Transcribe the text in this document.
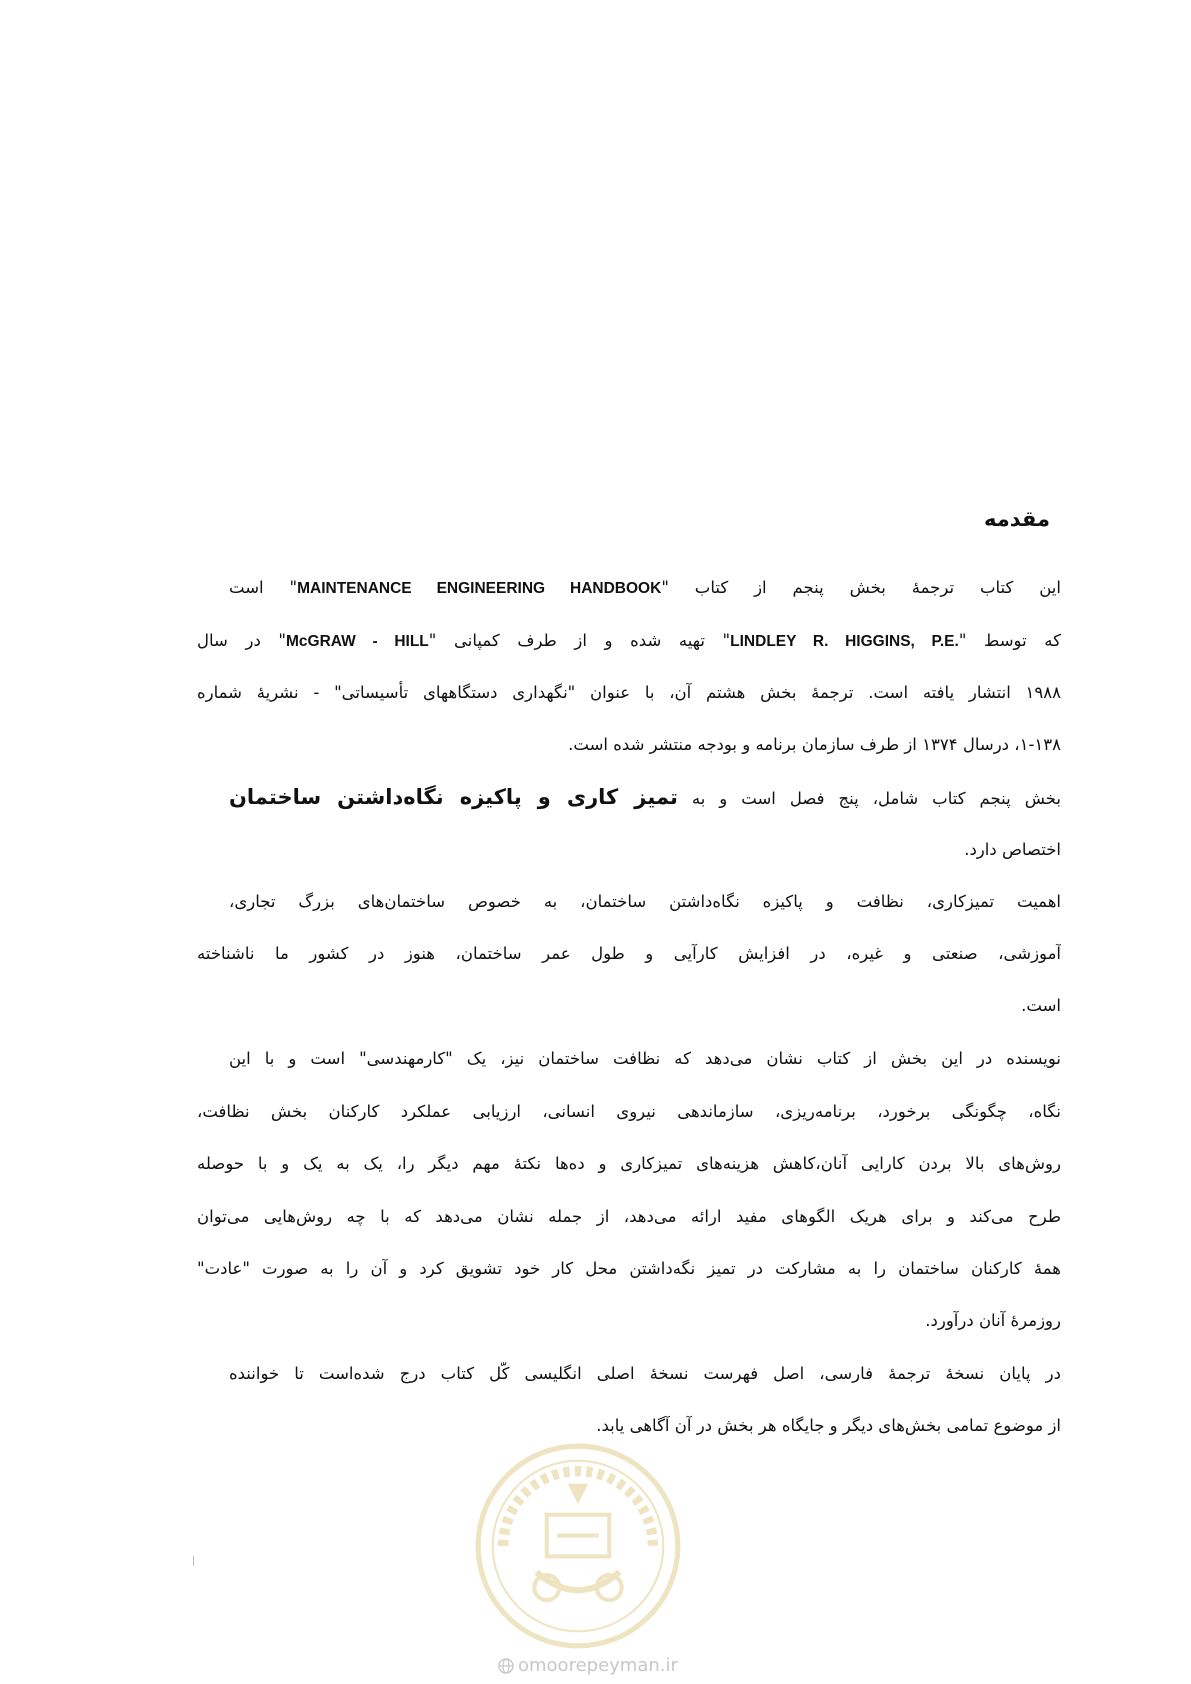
مقدمه

این کتاب ترجمهٔ بخش پنجم از کتاب "MAINTENANCE ENGINEERING HANDBOOK" است

که توسط "LINDLEY R. HIGGINS, P.E." تهیه شده و از طرف کمپانی "McGRAW - HILL" در سال

۱۹۸۸ انتشار یافته است. ترجمهٔ بخش هشتم آن، با عنوان "نگهداری دستگاههای تأسیساتی" - نشریهٔ شماره

۱-۱۳۸، درسال ۱۳۷۴ از طرف سازمان برنامه و بودجه منتشر شده است.

بخش پنجم کتاب شامل، پنج فصل است و به تمیز کاری و پاکیزه نگاه‌داشتن ساختمان

اختصاص دارد.

اهمیت تمیزکاری، نظافت و پاکیزه نگاه‌داشتن ساختمان، به خصوص ساختمان‌های بزرگ تجاری،

آموزشی، صنعتی و غیره، در افزایش کارآیی و طول عمر ساختمان، هنوز در کشور ما ناشناخته

است.

نویسنده در این بخش از کتاب نشان می‌دهد که نظافت ساختمان نیز، یک "کارمهندسی" است و با این

نگاه، چگونگی برخورد، برنامه‌ریزی، سازماندهی نیروی انسانی، ارزیابی عملکرد کارکنان بخش نظافت،

روش‌های بالا بردن کارایی آنان،کاهش هزینه‌های تمیزکاری و ده‌ها نکتهٔ مهم دیگر را، یک به یک و با حوصله

طرح می‌کند و برای هریک الگوهای مفید ارائه می‌دهد، از جمله نشان می‌دهد که با چه روش‌هایی می‌توان

همهٔ کارکنان ساختمان را به مشارکت در تمیز نگه‌داشتن محل کار خود تشویق کرد و آن را به صورت "عادت"

روزمرهٔ آنان درآورد.

در پایان نسخهٔ ترجمهٔ فارسی، اصل فهرست نسخهٔ اصلی انگلیسی کّل کتاب درج شده‌است تا خواننده

از موضوع تمامی بخش‌های دیگر و جایگاه هر بخش در آن آگاهی یابد.

omoorepeyman.ir
